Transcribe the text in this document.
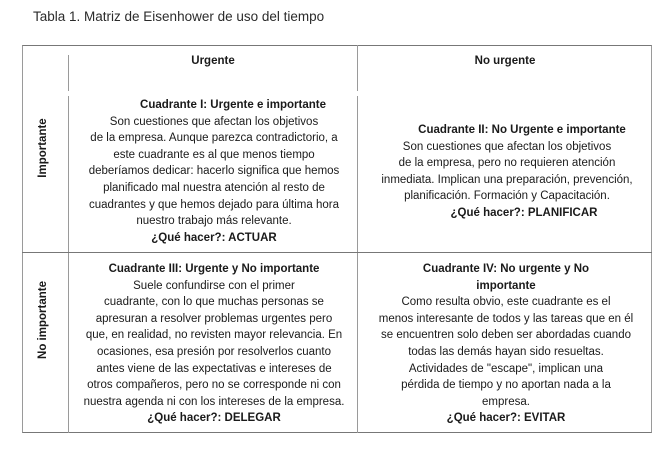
Tabla 1. Matriz de Eisenhower de uso del tiempo
Urgente	No urgente
Importante
No importante
Cuadrante I: Urgente e importante
Son cuestiones que afectan los objetivos
de la empresa. Aunque parezca contradictorio, a
este cuadrante es al que menos tiempo
deberíamos dedicar: hacerlo significa que hemos
planificado mal nuestra atención al resto de
cuadrantes y que hemos dejado para última hora
nuestro trabajo más relevante.
¿Qué hacer?: ACTUAR
Cuadrante II: No Urgente e importante
Son cuestiones que afectan los objetivos
de la empresa, pero no requieren atención
inmediata. Implican una preparación, prevención,
planificación. Formación y Capacitación.
¿Qué hacer?: PLANIFICAR
Cuadrante III: Urgente y No importante
Suele confundirse con el primer
cuadrante, con lo que muchas personas se
apresuran a resolver problemas urgentes pero
que, en realidad, no revisten mayor relevancia. En
ocasiones, esa presión por resolverlos cuanto
antes viene de las expectativas e intereses de
otros compañeros, pero no se corresponde ni con
nuestra agenda ni con los intereses de la empresa.
¿Qué hacer?: DELEGAR
Cuadrante IV: No urgente y No
importante
Como resulta obvio, este cuadrante es el
menos interesante de todos y las tareas que en él
se encuentren solo deben ser abordadas cuando
todas las demás hayan sido resueltas.
Actividades de "escape", implican una
pérdida de tiempo y no aportan nada a la
empresa.
¿Qué hacer?: EVITAR
